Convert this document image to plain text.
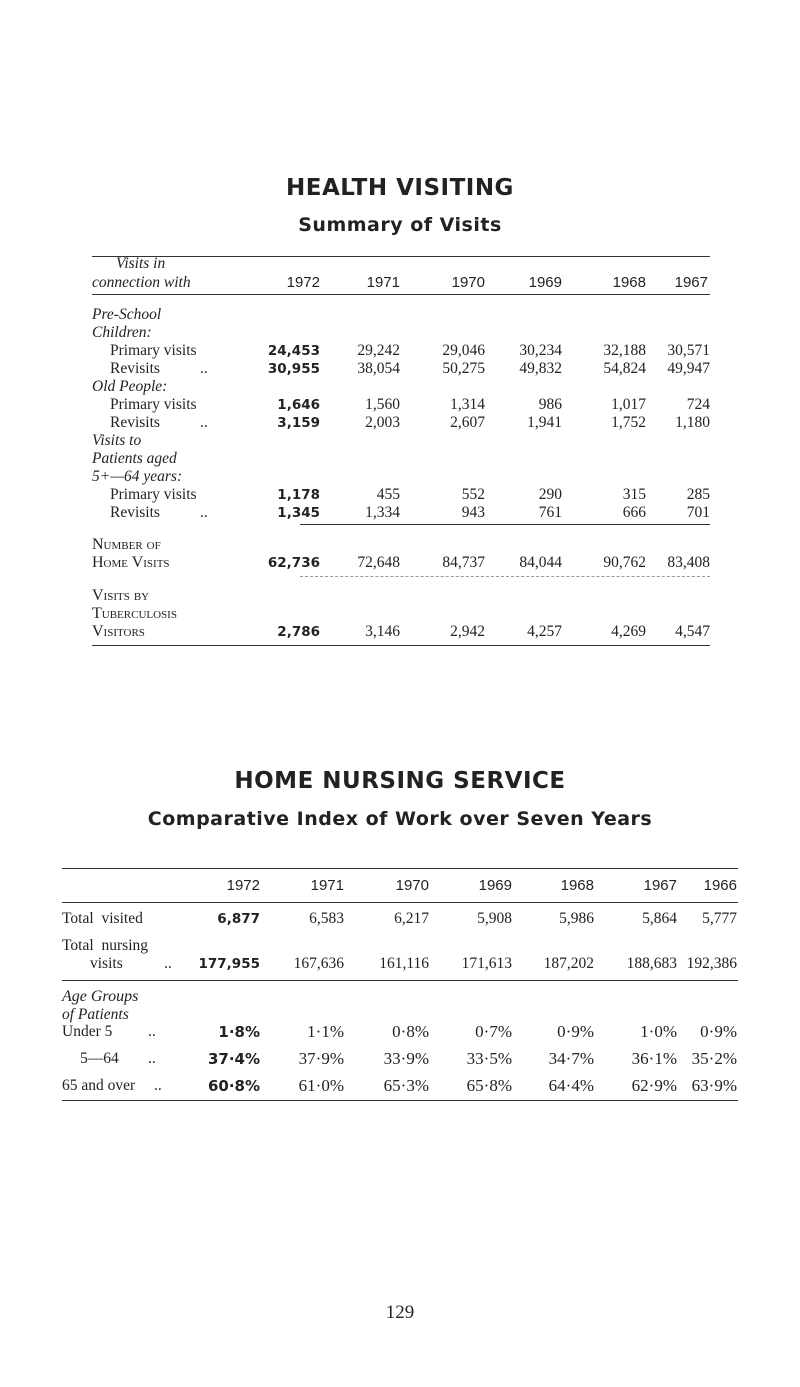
HEALTH VISITING
Summary of Visits
Visits in
connection with	1972	1971	1970	1969	1968	1967
Pre-School
Children:
Primary visits	24,453	29,242	29,046	30,234	32,188	30,571
Revisits	..	30,955	38,054	50,275	49,832	54,824	49,947
Old People:
Primary visits	1,646	1,560	1,314	986	1,017	724
Revisits	..	3,159	2,003	2,607	1,941	1,752	1,180
Visits to
Patients aged
5+—64 years:
Primary visits	1,178	455	552	290	315	285
Revisits	..	1,345	1,334	943	761	666	701
Number of
Home Visits	62,736	72,648	84,737	84,044	90,762	83,408
Visits by
Tuberculosis
Visitors	2,786	3,146	2,942	4,257	4,269	4,547
HOME NURSING SERVICE
Comparative Index of Work over Seven Years
1972	1971	1970	1969	1968	1967	1966
Total visited	6,877	6,583	6,217	5,908	5,986	5,864	5,777
Total nursing
visits	..	177,955	167,636	161,116	171,613	187,202	188,683 192,386
Age Groups
of Patients
Under 5 ..	1·8%	1·1%	0·8%	0·7%	0·9%	1·0%	0·9%
5—64 ..	37·4%	37·9%	33·9%	33·5%	34·7%	36·1% 35·2%
65 and over ..	60·8%	61·0%	65·3%	65·8%	64·4%	62·9% 63·9%
129
